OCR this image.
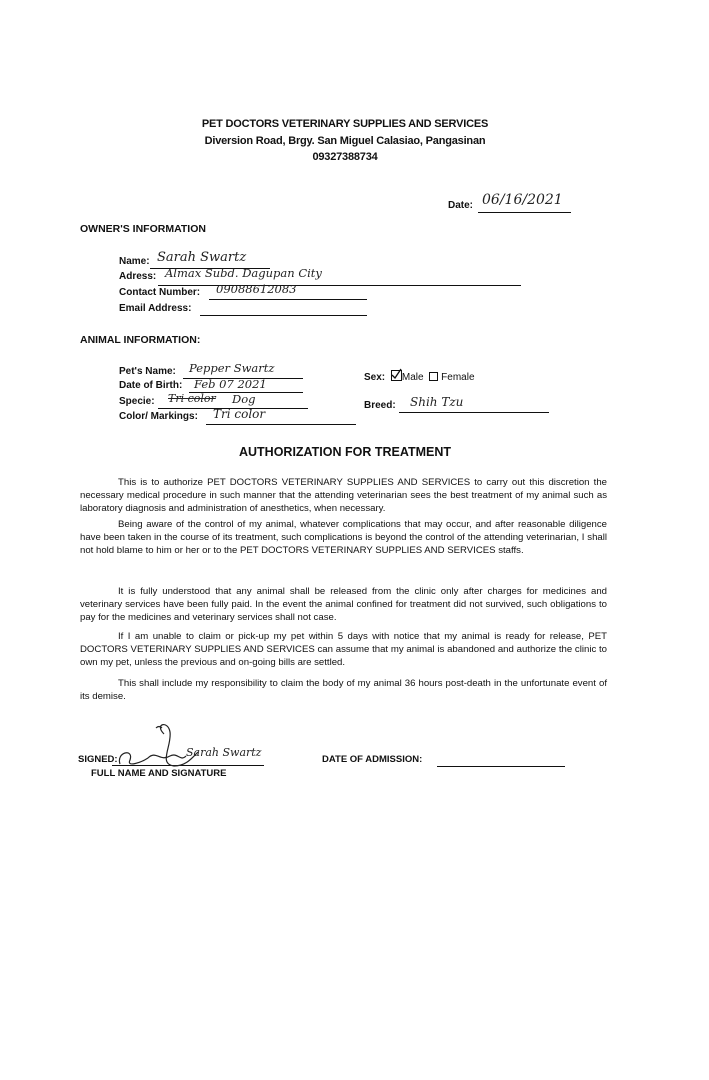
PET DOCTORS VETERINARY SUPPLIES AND SERVICES
Diversion Road, Brgy. San Miguel Calasiao, Pangasinan
09327388734
Date: 06/16/2021
OWNER'S INFORMATION
Name: Sarah Swartz
Adress: Almax Subd. Dagupan City
Contact Number: 09088612083
Email Address:
ANIMAL INFORMATION:
Pet's Name: Pepper Swartz
Date of Birth: Feb 07 2021
Specie: Tri color Dog
Color/ Markings: Tri color
Sex: Male Female
Breed: Shih Tzu
AUTHORIZATION FOR TREATMENT

This is to authorize PET DOCTORS VETERINARY SUPPLIES AND SERVICES to carry out this discretion the necessary medical procedure in such manner that the attending veterinarian sees the best treatment of my animal such as laboratory diagnosis and administration of anesthetics, when necessary.

Being aware of the control of my animal, whatever complications that may occur, and after reasonable diligence have been taken in the course of its treatment, such complications is beyond the control of the attending veterinarian, I shall not hold blame to him or her or to the PET DOCTORS VETERINARY SUPPLIES AND SERVICES staffs.

It is fully understood that any animal shall be released from the clinic only after charges for medicines and veterinary services have been fully paid. In the event the animal confined for treatment did not survived, such obligations to pay for the medicines and veterinary services shall not case.

If I am unable to claim or pick-up my pet within 5 days with notice that my animal is ready for release, PET DOCTORS VETERINARY SUPPLIES AND SERVICES can assume that my animal is abandoned and authorize the clinic to own my pet, unless the previous and on-going bills are settled.

This shall include my responsibility to claim the body of my animal 36 hours post-death in the unfortunate event of its demise.

SIGNED:
Sarah Swartz
FULL NAME AND SIGNATURE
DATE OF ADMISSION:
